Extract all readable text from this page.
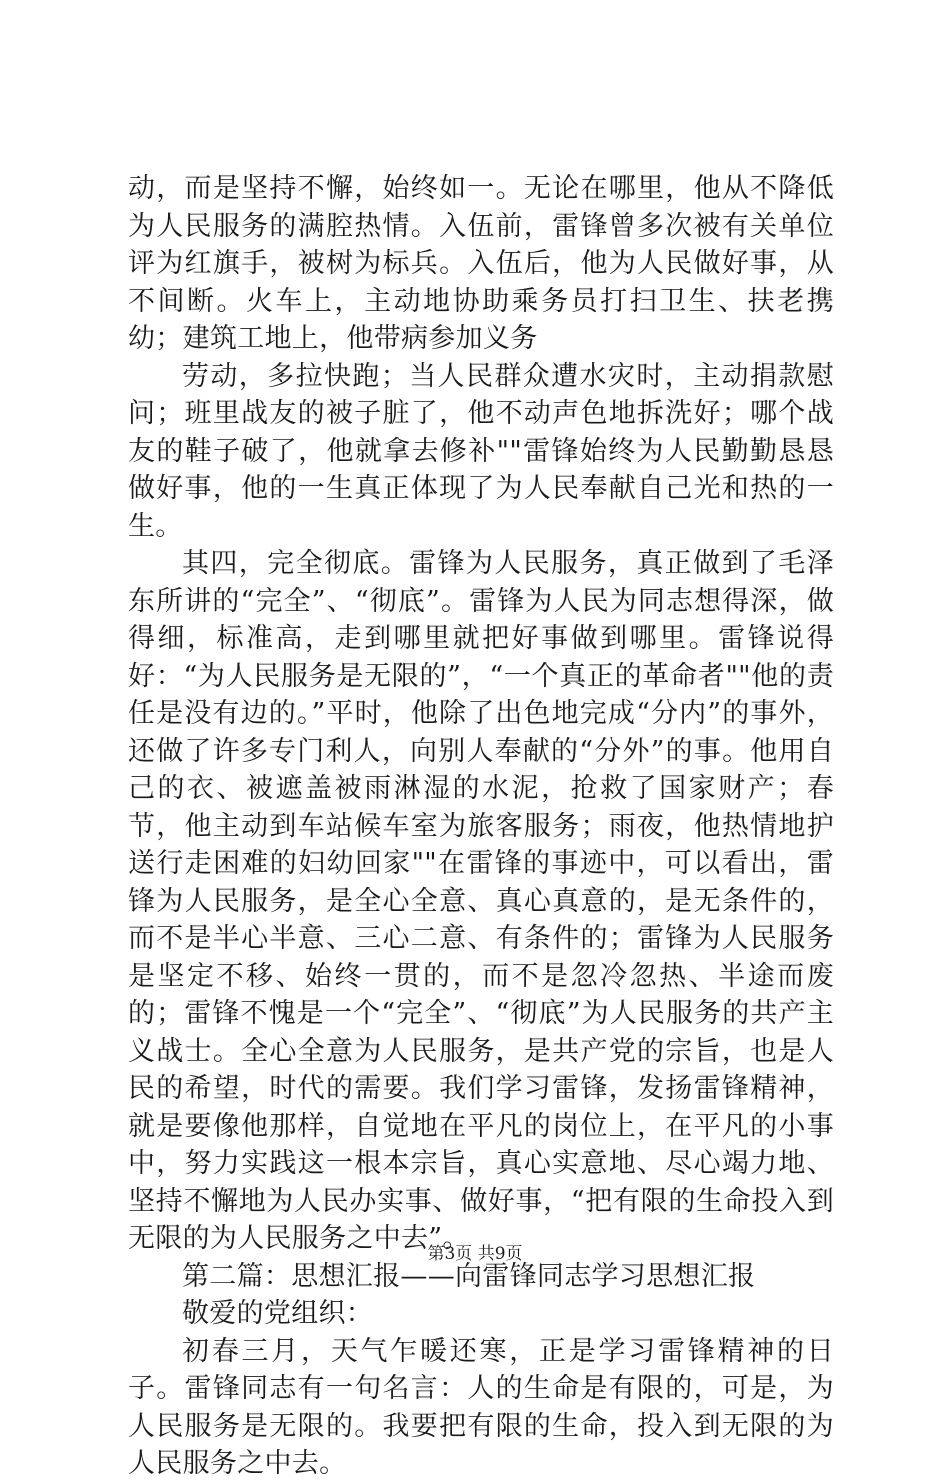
动，而是坚持不懈，始终如一。无论在哪里，他从不降低为人民服务的满腔热情。入伍前，雷锋曾多次被有关单位评为红旗手，被树为标兵。入伍后，他为人民做好事，从不间断。火车上，主动地协助乘务员打扫卫生、扶老携幼；建筑工地上，他带病参加义务

劳动，多拉快跑；当人民群众遭水灾时，主动捐款慰问；班里战友的被子脏了，他不动声色地拆洗好；哪个战友的鞋子破了，他就拿去修补""雷锋始终为人民勤勤恳恳做好事，他的一生真正体现了为人民奉献自己光和热的一生。

其四，完全彻底。雷锋为人民服务，真正做到了毛泽东所讲的“完全”、“彻底”。雷锋为人民为同志想得深，做得细，标准高，走到哪里就把好事做到哪里。雷锋说得好：“为人民服务是无限的”，“一个真正的革命者""他的责任是没有边的。”平时，他除了出色地完成“分内”的事外，还做了许多专门利人，向别人奉献的“分外”的事。他用自己的衣、被遮盖被雨淋湿的水泥，抢救了国家财产；春节，他主动到车站候车室为旅客服务；雨夜，他热情地护送行走困难的妇幼回家""在雷锋的事迹中，可以看出，雷锋为人民服务，是全心全意、真心真意的，是无条件的，而不是半心半意、三心二意、有条件的；雷锋为人民服务是坚定不移、始终一贯的，而不是忽冷忽热、半途而废的；雷锋不愧是一个“完全”、“彻底”为人民服务的共产主义战士。全心全意为人民服务，是共产党的宗旨，也是人民的希望，时代的需要。我们学习雷锋，发扬雷锋精神，就是要像他那样，自觉地在平凡的岗位上，在平凡的小事中，努力实践这一根本宗旨，真心实意地、尽心竭力地、坚持不懈地为人民办实事、做好事，“把有限的生命投入到无限的为人民服务之中去”。

第二篇：思想汇报——向雷锋同志学习思想汇报

敬爱的党组织：

初春三月，天气乍暖还寒，正是学习雷锋精神的日子。雷锋同志有一句名言：人的生命是有限的，可是，为人民服务是无限的。我要把有限的生命，投入到无限的为人民服务之中去。

第3页 共9页
